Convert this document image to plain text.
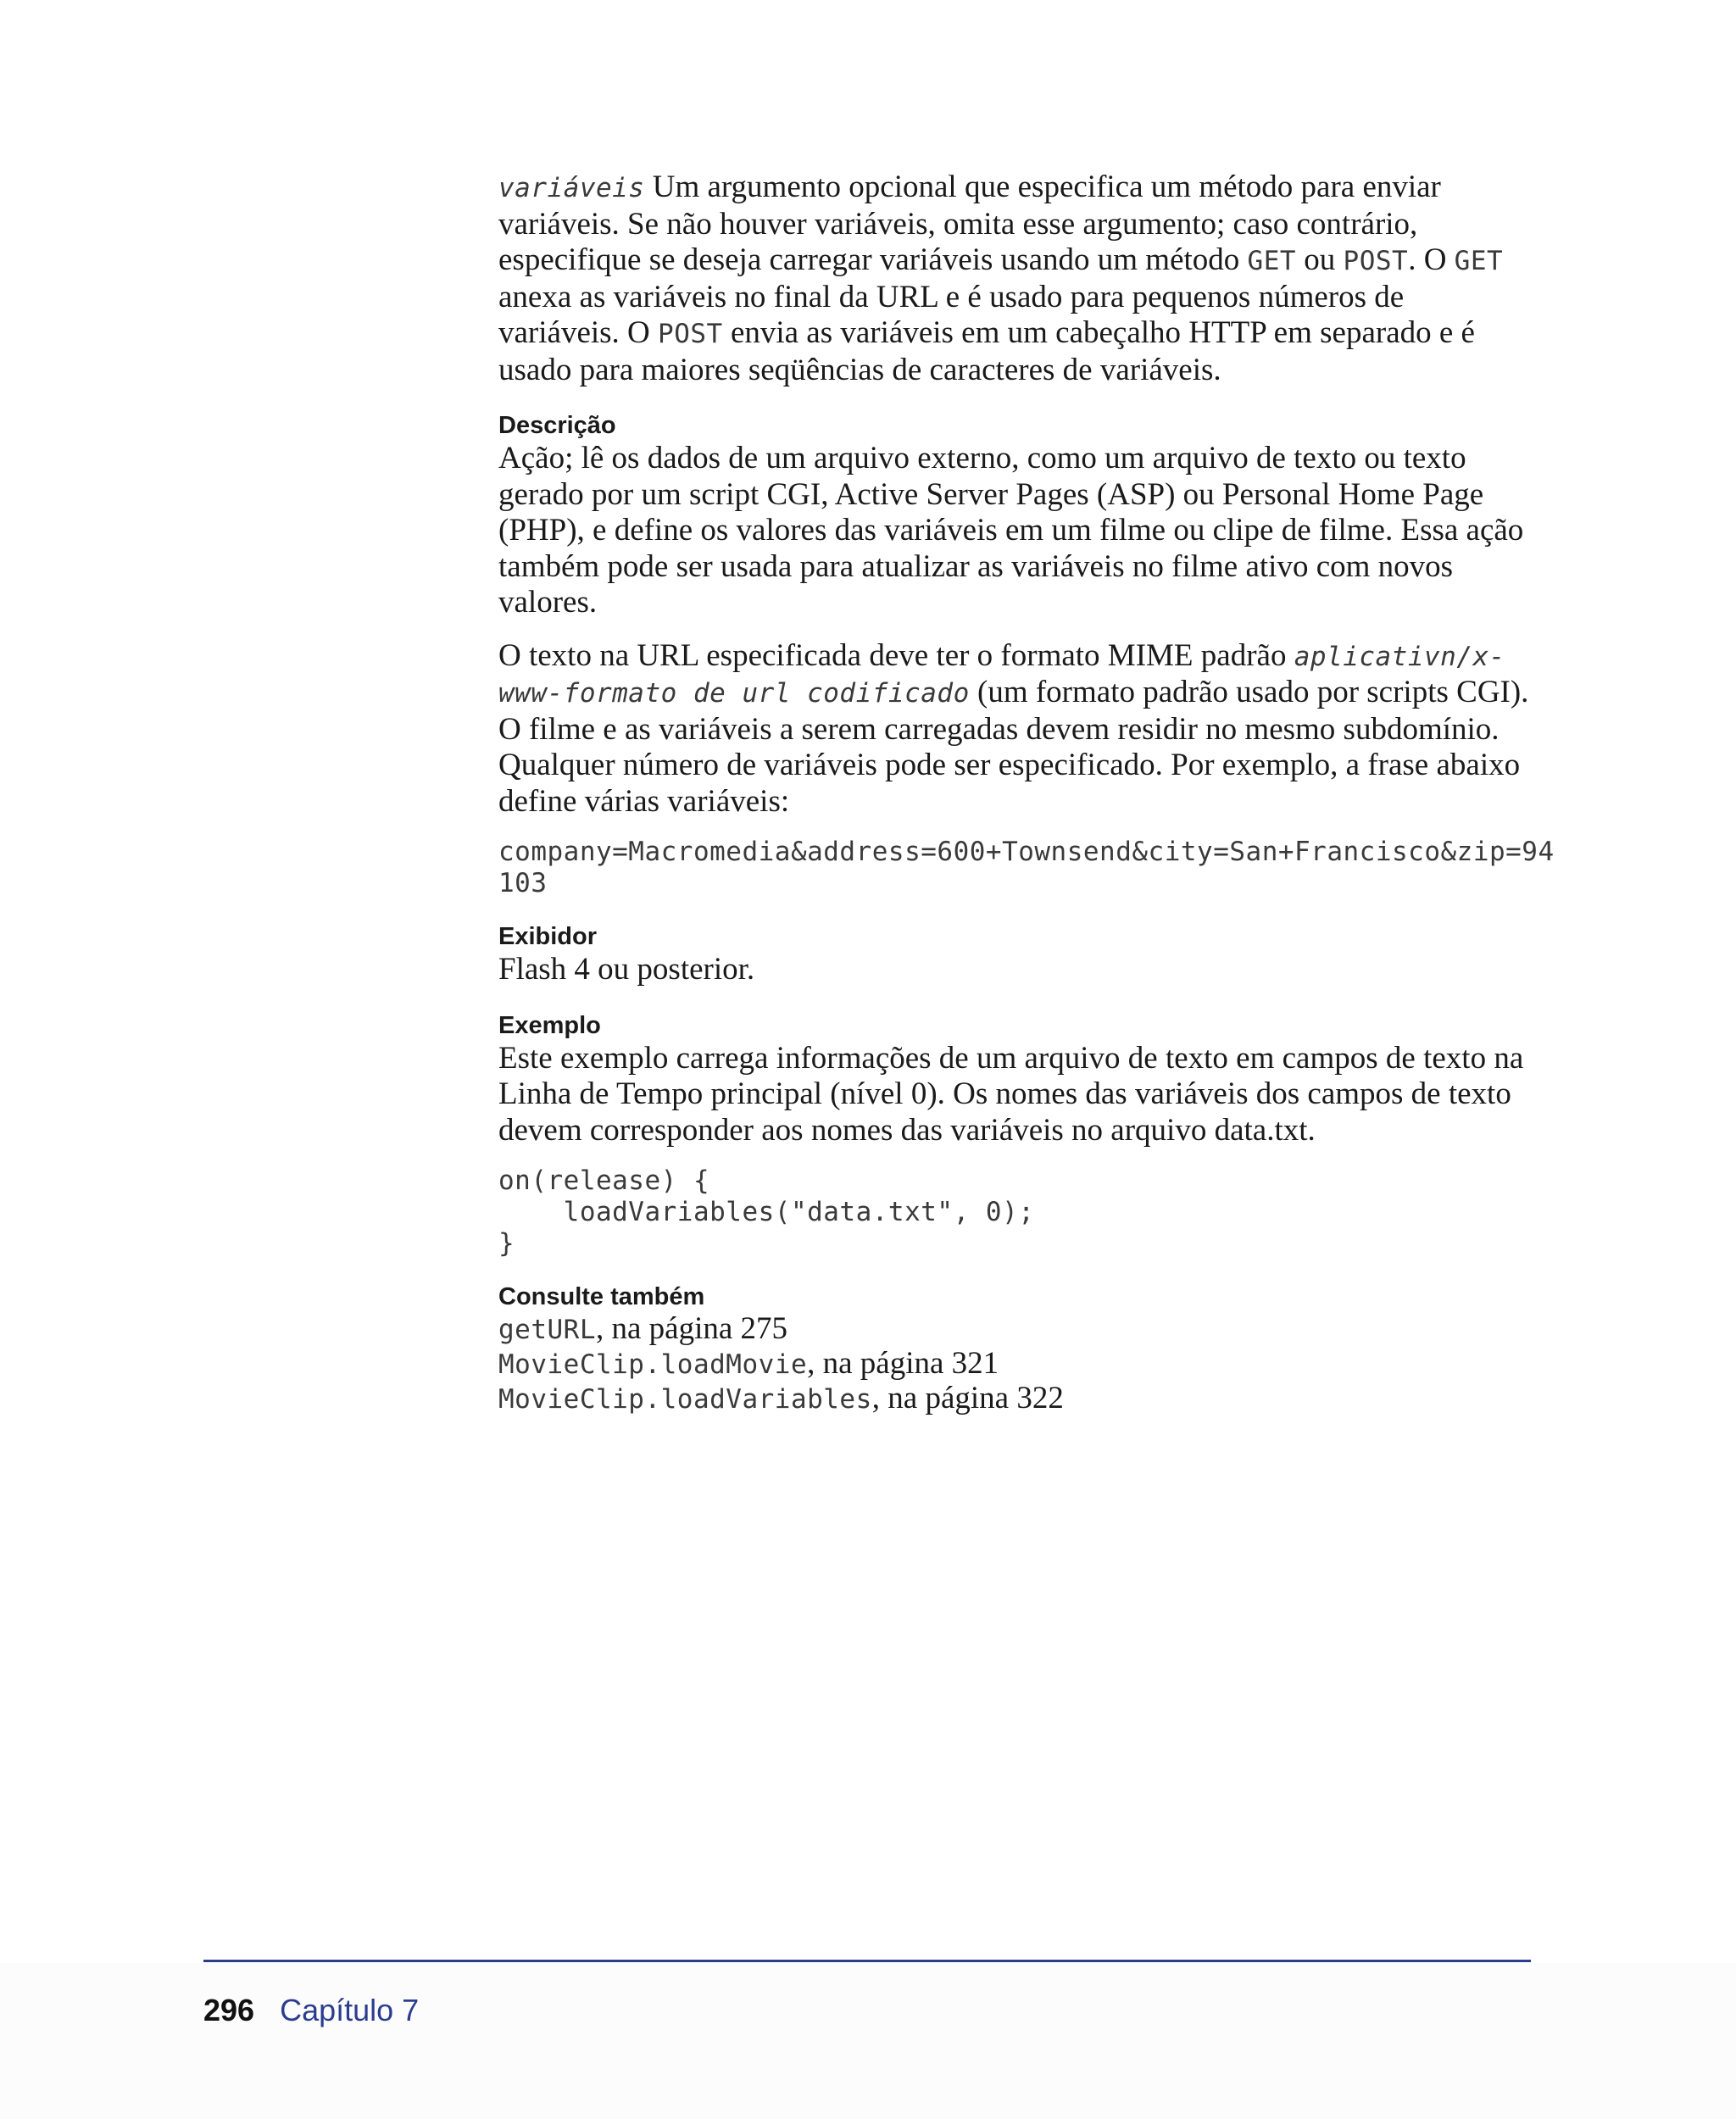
variáveis Um argumento opcional que especifica um método para enviar variáveis. Se não houver variáveis, omita esse argumento; caso contrário, especifique se deseja carregar variáveis usando um método GET ou POST. O GET anexa as variáveis no final da URL e é usado para pequenos números de variáveis. O POST envia as variáveis em um cabeçalho HTTP em separado e é usado para maiores seqüências de caracteres de variáveis.

Descrição

Ação; lê os dados de um arquivo externo, como um arquivo de texto ou texto gerado por um script CGI, Active Server Pages (ASP) ou Personal Home Page (PHP), e define os valores das variáveis em um filme ou clipe de filme. Essa ação também pode ser usada para atualizar as variáveis no filme ativo com novos valores.

O texto na URL especificada deve ter o formato MIME padrão aplicativn/x-www-formato de url codificado (um formato padrão usado por scripts CGI). O filme e as variáveis a serem carregadas devem residir no mesmo subdomínio. Qualquer número de variáveis pode ser especificado. Por exemplo, a frase abaixo define várias variáveis:

company=Macromedia&address=600+Townsend&city=San+Francisco&zip=94
103
Exibidor

Flash 4 ou posterior.

Exemplo

Este exemplo carrega informações de um arquivo de texto em campos de texto na Linha de Tempo principal (nível 0). Os nomes das variáveis dos campos de texto devem corresponder aos nomes das variáveis no arquivo data.txt.

on(release) {
loadVariables("data.txt", 0);
}
Consulte também

getURL, na página 275

MovieClip.loadMovie, na página 321

MovieClip.loadVariables, na página 322

296 Capítulo 7
